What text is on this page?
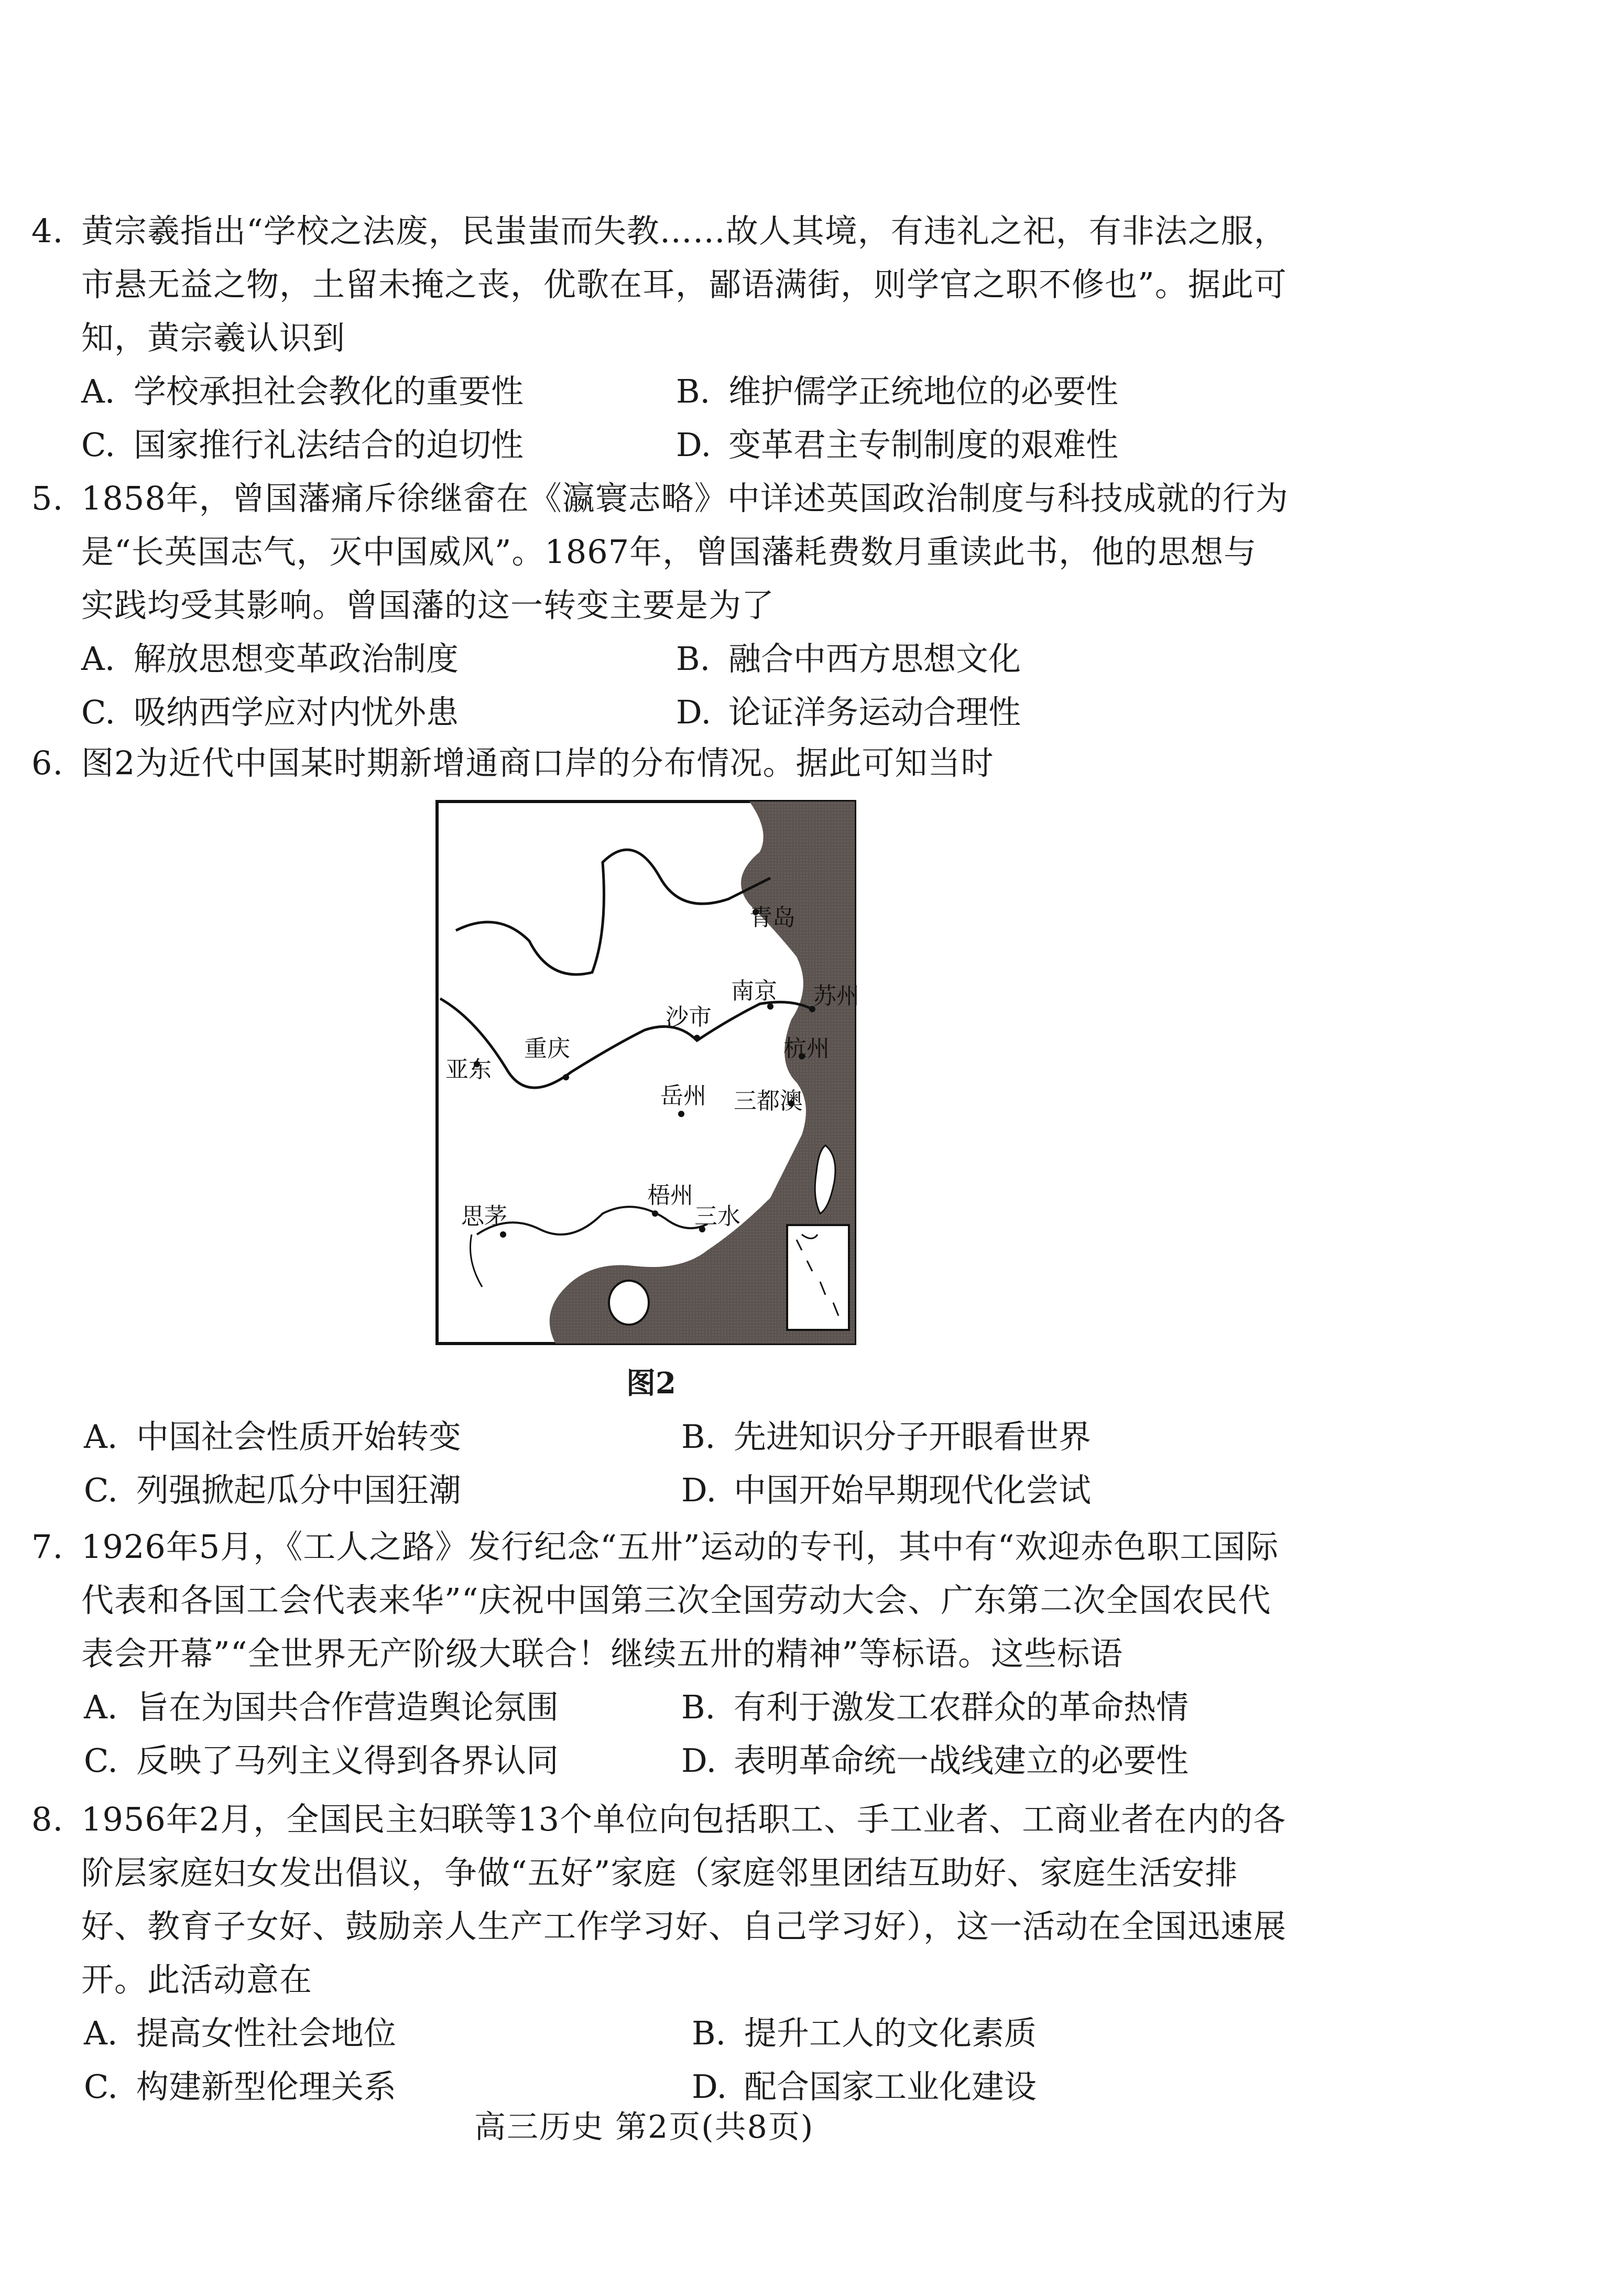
4. 黄宗羲指出“学校之法废，民蚩蚩而失教……故人其境，有违礼之祀，有非法之服，市悬无益之物，土留未掩之丧，优歌在耳，鄙语满街，则学官之职不修也”。据此可知，黄宗羲认识到

A. 学校承担社会教化的重要性	B. 维护儒学正统地位的必要性
C. 国家推行礼法结合的迫切性	D. 变革君主专制制度的艰难性

5. 1858年，曾国藩痛斥徐继畲在《瀛寰志略》中详述英国政治制度与科技成就的行为是“长英国志气，灭中国威风”。1867年，曾国藩耗费数月重读此书，他的思想与实践均受其影响。曾国藩的这一转变主要是为了

A. 解放思想变革政治制度	B. 融合中西方思想文化
C. 吸纳西学应对内忧外患	D. 论证洋务运动合理性

6. 图2为近代中国某时期新增通商口岸的分布情况。据此可知当时

青岛
南京
沙市
苏州
重庆	杭州
亚东
岳州 三都澳
思茅
梧州
三水
图2
A. 中国社会性质开始转变	B. 先进知识分子开眼看世界
C. 列强掀起瓜分中国狂潮	D. 中国开始早期现代化尝试

7. 1926年5月，《工人之路》发行纪念“五卅”运动的专刊，其中有“欢迎赤色职工国际代表和各国工会代表来华”“庆祝中国第三次全国劳动大会、广东第二次全国农民代表会开幕”“全世界无产阶级大联合！继续五卅的精神”等标语。这些标语

A. 旨在为国共合作营造舆论氛围	B. 有利于激发工农群众的革命热情
C. 反映了马列主义得到各界认同	D. 表明革命统一战线建立的必要性

8. 1956年2月，全国民主妇联等13个单位向包括职工、手工业者、工商业者在内的各阶层家庭妇女发出倡议，争做“五好”家庭（家庭邻里团结互助好、家庭生活安排好、教育子女好、鼓励亲人生产工作学习好、自己学习好），这一活动在全国迅速展开。此活动意在

A. 提高女性社会地位	B. 提升工人的文化素质
C. 构建新型伦理关系	D. 配合国家工业化建设
高三历史 第2页(共8页)
